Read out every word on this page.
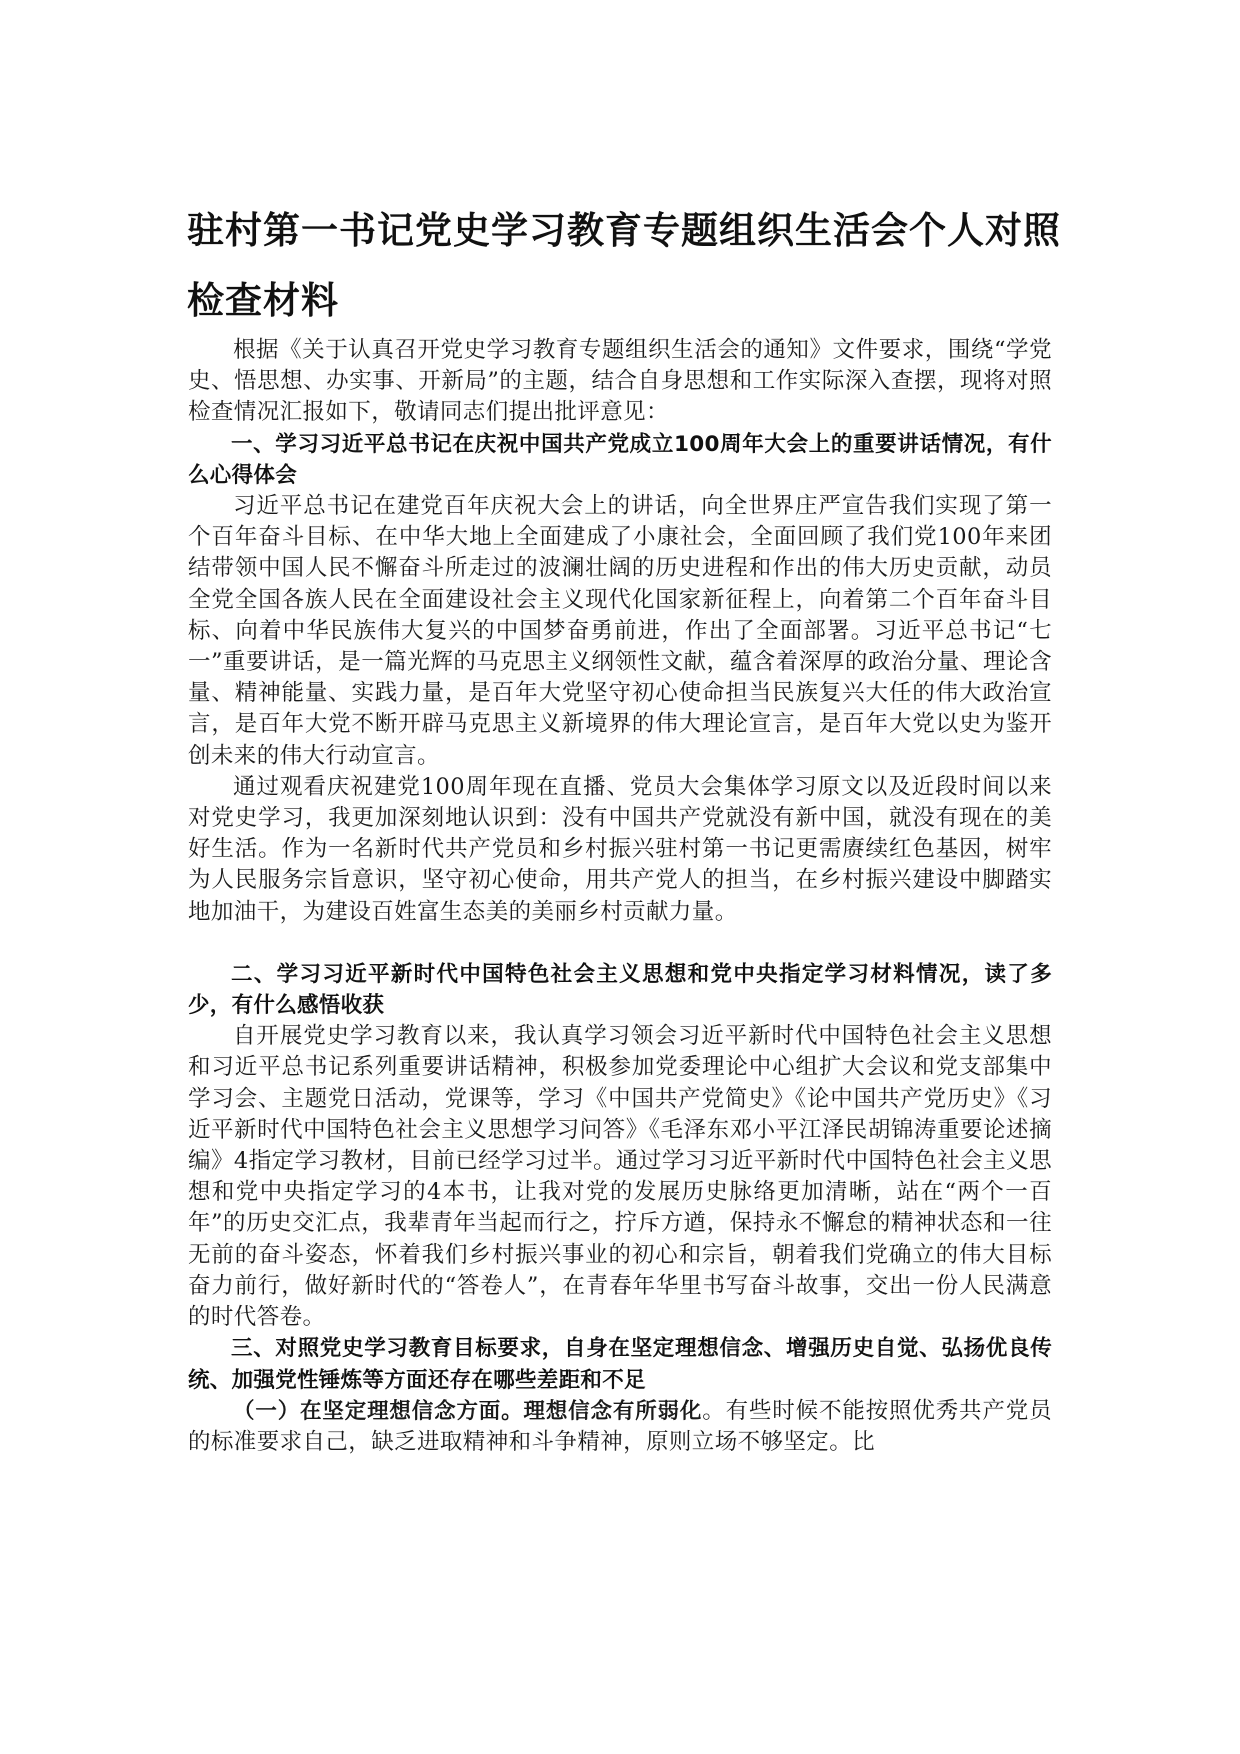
驻村第一书记党史学习教育专题组织生活会个人对照检查材料

根据《关于认真召开党史学习教育专题组织生活会的通知》文件要求，围绕“学党史、悟思想、办实事、开新局”的主题，结合自身思想和工作实际深入查摆，现将对照检查情况汇报如下，敬请同志们提出批评意见：

一、学习习近平总书记在庆祝中国共产党成立100周年大会上的重要讲话情况，有什么心得体会

习近平总书记在建党百年庆祝大会上的讲话，向全世界庄严宣告我们实现了第一个百年奋斗目标、在中华大地上全面建成了小康社会，全面回顾了我们党100年来团结带领中国人民不懈奋斗所走过的波澜壮阔的历史进程和作出的伟大历史贡献，动员全党全国各族人民在全面建设社会主义现代化国家新征程上，向着第二个百年奋斗目标、向着中华民族伟大复兴的中国梦奋勇前进，作出了全面部署。习近平总书记“七一”重要讲话，是一篇光辉的马克思主义纲领性文献，蕴含着深厚的政治分量、理论含量、精神能量、实践力量，是百年大党坚守初心使命担当民族复兴大任的伟大政治宣言，是百年大党不断开辟马克思主义新境界的伟大理论宣言，是百年大党以史为鉴开创未来的伟大行动宣言。

通过观看庆祝建党100周年现在直播、党员大会集体学习原文以及近段时间以来对党史学习，我更加深刻地认识到：没有中国共产党就没有新中国，就没有现在的美好生活。作为一名新时代共产党员和乡村振兴驻村第一书记更需赓续红色基因，树牢为人民服务宗旨意识，坚守初心使命，用共产党人的担当，在乡村振兴建设中脚踏实地加油干，为建设百姓富生态美的美丽乡村贡献力量。

二、学习习近平新时代中国特色社会主义思想和党中央指定学习材料情况，读了多少，有什么感悟收获

自开展党史学习教育以来，我认真学习领会习近平新时代中国特色社会主义思想和习近平总书记系列重要讲话精神，积极参加党委理论中心组扩大会议和党支部集中学习会、主题党日活动，党课等，学习《中国共产党简史》《论中国共产党历史》《习近平新时代中国特色社会主义思想学习问答》《毛泽东邓小平江泽民胡锦涛重要论述摘编》4指定学习教材，目前已经学习过半。通过学习习近平新时代中国特色社会主义思想和党中央指定学习的4本书，让我对党的发展历史脉络更加清晰，站在“两个一百年”的历史交汇点，我辈青年当起而行之，拧斥方遒，保持永不懈怠的精神状态和一往无前的奋斗姿态，怀着我们乡村振兴事业的初心和宗旨，朝着我们党确立的伟大目标奋力前行，做好新时代的“答卷人”，在青春年华里书写奋斗故事，交出一份人民满意的时代答卷。

三、对照党史学习教育目标要求，自身在坚定理想信念、增强历史自觉、弘扬优良传统、加强党性锤炼等方面还存在哪些差距和不足

（一）在坚定理想信念方面。理想信念有所弱化。有些时候不能按照优秀共产党员的标准要求自己，缺乏进取精神和斗争精神，原则立场不够坚定。比
